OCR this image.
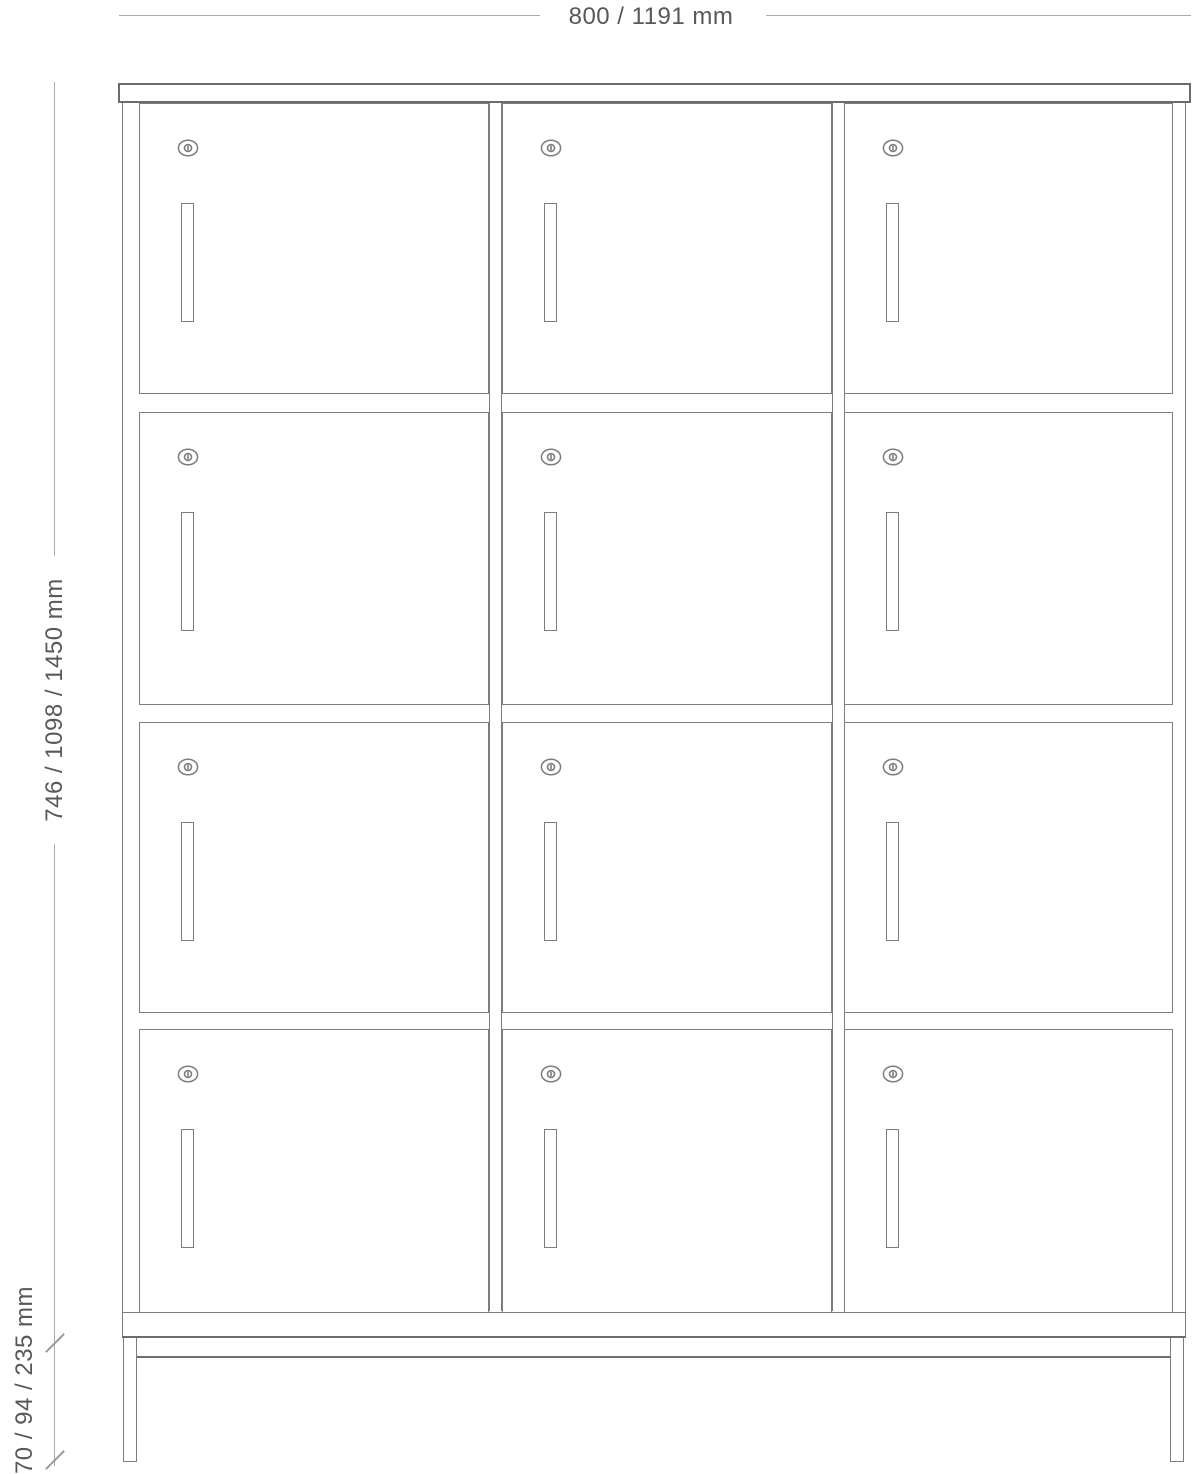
800 / 1191 mm
746 / 1098 / 1450 mm
70 / 94 / 235 mm
